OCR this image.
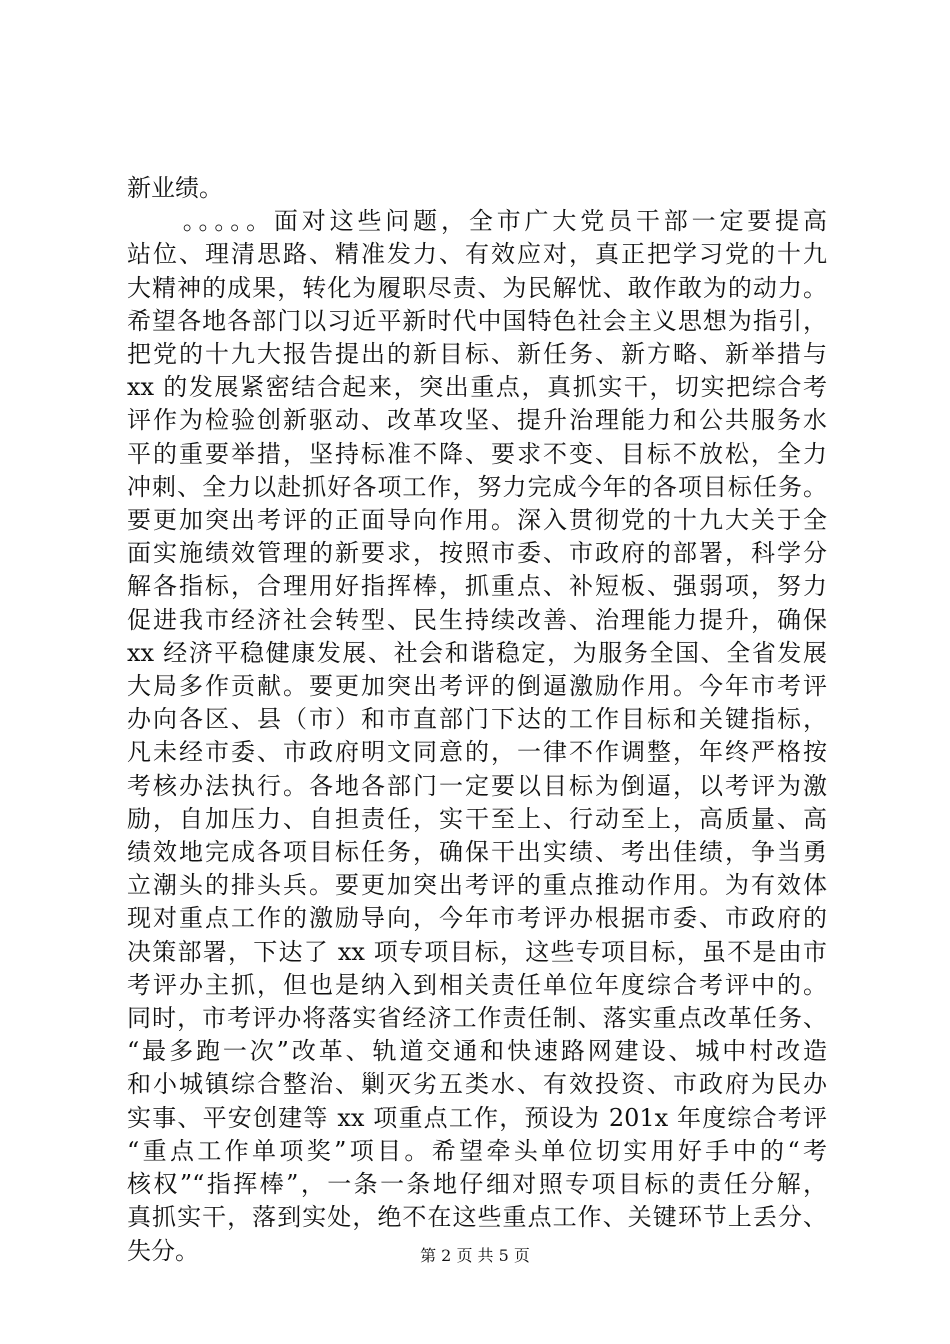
新业绩。
　　。。。。。面对这些问题，全市广大党员干部一定要提高
站位、理清思路、精准发力、有效应对，真正把学习党的十九
大精神的成果，转化为履职尽责、为民解忧、敢作敢为的动力。
希望各地各部门以习近平新时代中国特色社会主义思想为指引，
把党的十九大报告提出的新目标、新任务、新方略、新举措与
xx 的发展紧密结合起来，突出重点，真抓实干，切实把综合考
评作为检验创新驱动、改革攻坚、提升治理能力和公共服务水
平的重要举措，坚持标准不降、要求不变、目标不放松，全力
冲刺、全力以赴抓好各项工作，努力完成今年的各项目标任务。
要更加突出考评的正面导向作用。深入贯彻党的十九大关于全
面实施绩效管理的新要求，按照市委、市政府的部署，科学分
解各指标，合理用好指挥棒，抓重点、补短板、强弱项，努力
促进我市经济社会转型、民生持续改善、治理能力提升，确保
xx 经济平稳健康发展、社会和谐稳定，为服务全国、全省发展
大局多作贡献。要更加突出考评的倒逼激励作用。今年市考评
办向各区、县（市）和市直部门下达的工作目标和关键指标，
凡未经市委、市政府明文同意的，一律不作调整，年终严格按
考核办法执行。各地各部门一定要以目标为倒逼，以考评为激
励，自加压力、自担责任，实干至上、行动至上，高质量、高
绩效地完成各项目标任务，确保干出实绩、考出佳绩，争当勇
立潮头的排头兵。要更加突出考评的重点推动作用。为有效体
现对重点工作的激励导向，今年市考评办根据市委、市政府的
决策部署，下达了 xx 项专项目标，这些专项目标，虽不是由市
考评办主抓，但也是纳入到相关责任单位年度综合考评中的。
同时，市考评办将落实省经济工作责任制、落实重点改革任务、
“最多跑一次”改革、轨道交通和快速路网建设、城中村改造
和小城镇综合整治、剿灭劣五类水、有效投资、市政府为民办
实事、平安创建等 xx 项重点工作，预设为 201x 年度综合考评
“重点工作单项奖”项目。希望牵头单位切实用好手中的“考
核权”“指挥棒”，一条一条地仔细对照专项目标的责任分解，
真抓实干，落到实处，绝不在这些重点工作、关键环节上丢分、
失分。	第 2 页 共 5 页
